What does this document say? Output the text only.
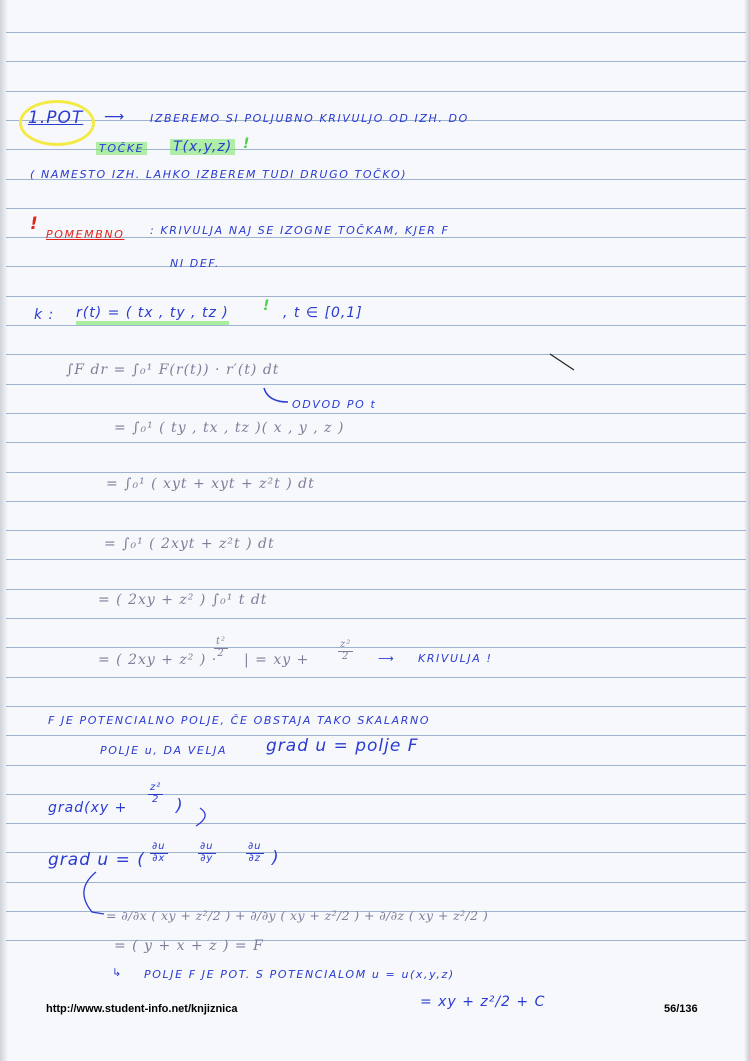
1.POT ⟶ IZBEREMO SI POLJUBNO KRIVULJO OD IZH. DO
TOČKE T(x,y,z) !
( NAMESTO IZH. LAHKO IZBEREM TUDI DRUGO TOČKO)
!
POMEMBNO : KRIVULJA NAJ SE IZOGNE TOČKAM, KJER F
NI DEF.
k : r(t) = ( tx , ty , tz ) ! , t ∈ [0,1]
∫F dr = ∫₀¹ F(r(t)) · r′(t) dt
ODVOD PO t
= ∫₀¹ ( ty , tx , tz )( x , y , z )
= ∫₀¹ ( xyt + xyt + z²t ) dt
= ∫₀¹ ( 2xyt + z²t ) dt
= ( 2xy + z² ) ∫₀¹ t dt
= ( 2xy + z² ) ·
$\frac{\text{t²}}{2}$
| = xy +	$\frac{\text{z²}}{2}$ ⟶ KRIVULJA !
F JE POTENCIALNO POLJE, ČE OBSTAJA TAKO SKALARNO
POLJE u, DA VELJA grad u = polje F
grad(xy +
$\frac{\text{z²}}{2}$
)
grad u = ( $\frac{\partial u}{\partial x}$	$\frac{\partial u}{\partial y}$	$\frac{\partial u}{\partial z}$ )
= ∂/∂x ( xy + z²/2 ) + ∂/∂y ( xy + z²/2 ) + ∂/∂z ( xy + z²/2 )
= ( y + x + z ) = F
↳ POLJE F JE POT. S POTENCIALOM u = u(x,y,z)
= xy + z²/2 + C
http://www.student-info.net/knjiznica	56/136
